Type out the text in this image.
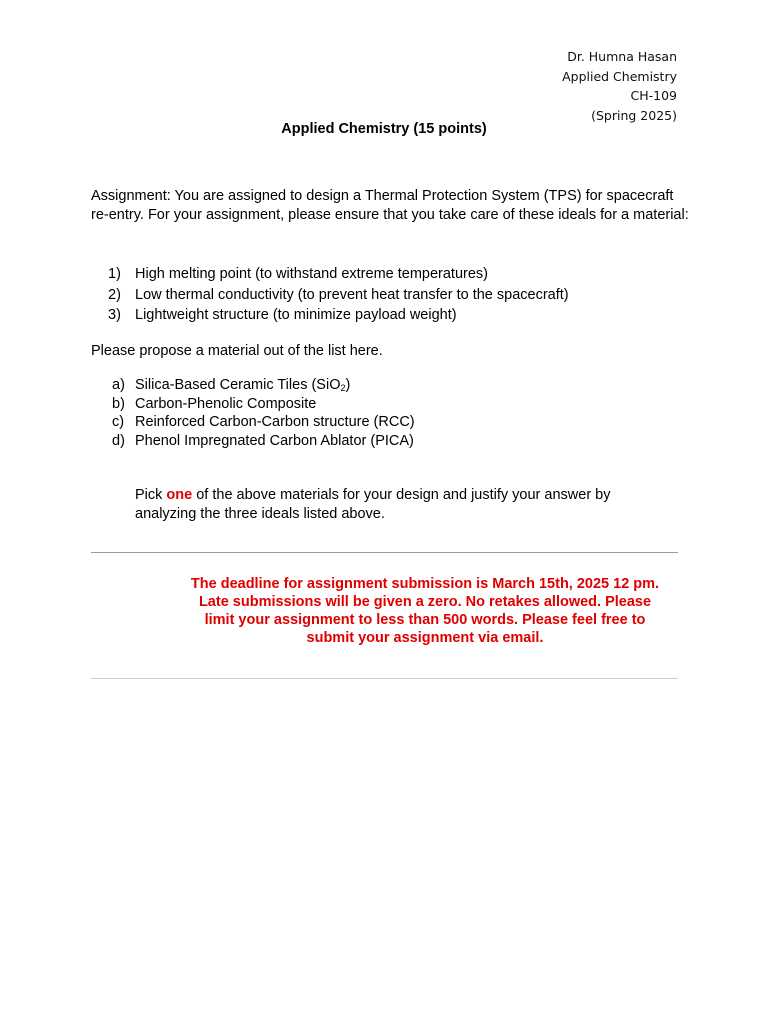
Dr. Humna Hasan
Applied Chemistry
CH-109
(Spring 2025)
Applied Chemistry (15 points)
Assignment: You are assigned to design a Thermal Protection System (TPS) for spacecraft re-entry. For your assignment, please ensure that you take care of these ideals for a material:
1) High melting point (to withstand extreme temperatures)
2) Low thermal conductivity (to prevent heat transfer to the spacecraft)
3) Lightweight structure (to minimize payload weight)
Please propose a material out of the list here.
a) Silica-Based Ceramic Tiles (SiO$_2$)
b) Carbon-Phenolic Composite
c) Reinforced Carbon-Carbon structure (RCC)
d) Phenol Impregnated Carbon Ablator (PICA)
Pick one of the above materials for your design and justify your answer by analyzing the three ideals listed above.
The deadline for assignment submission is March 15th, 2025 12 pm.
Late submissions will be given a zero. No retakes allowed. Please
limit your assignment to less than 500 words. Please feel free to
submit your assignment via email.
